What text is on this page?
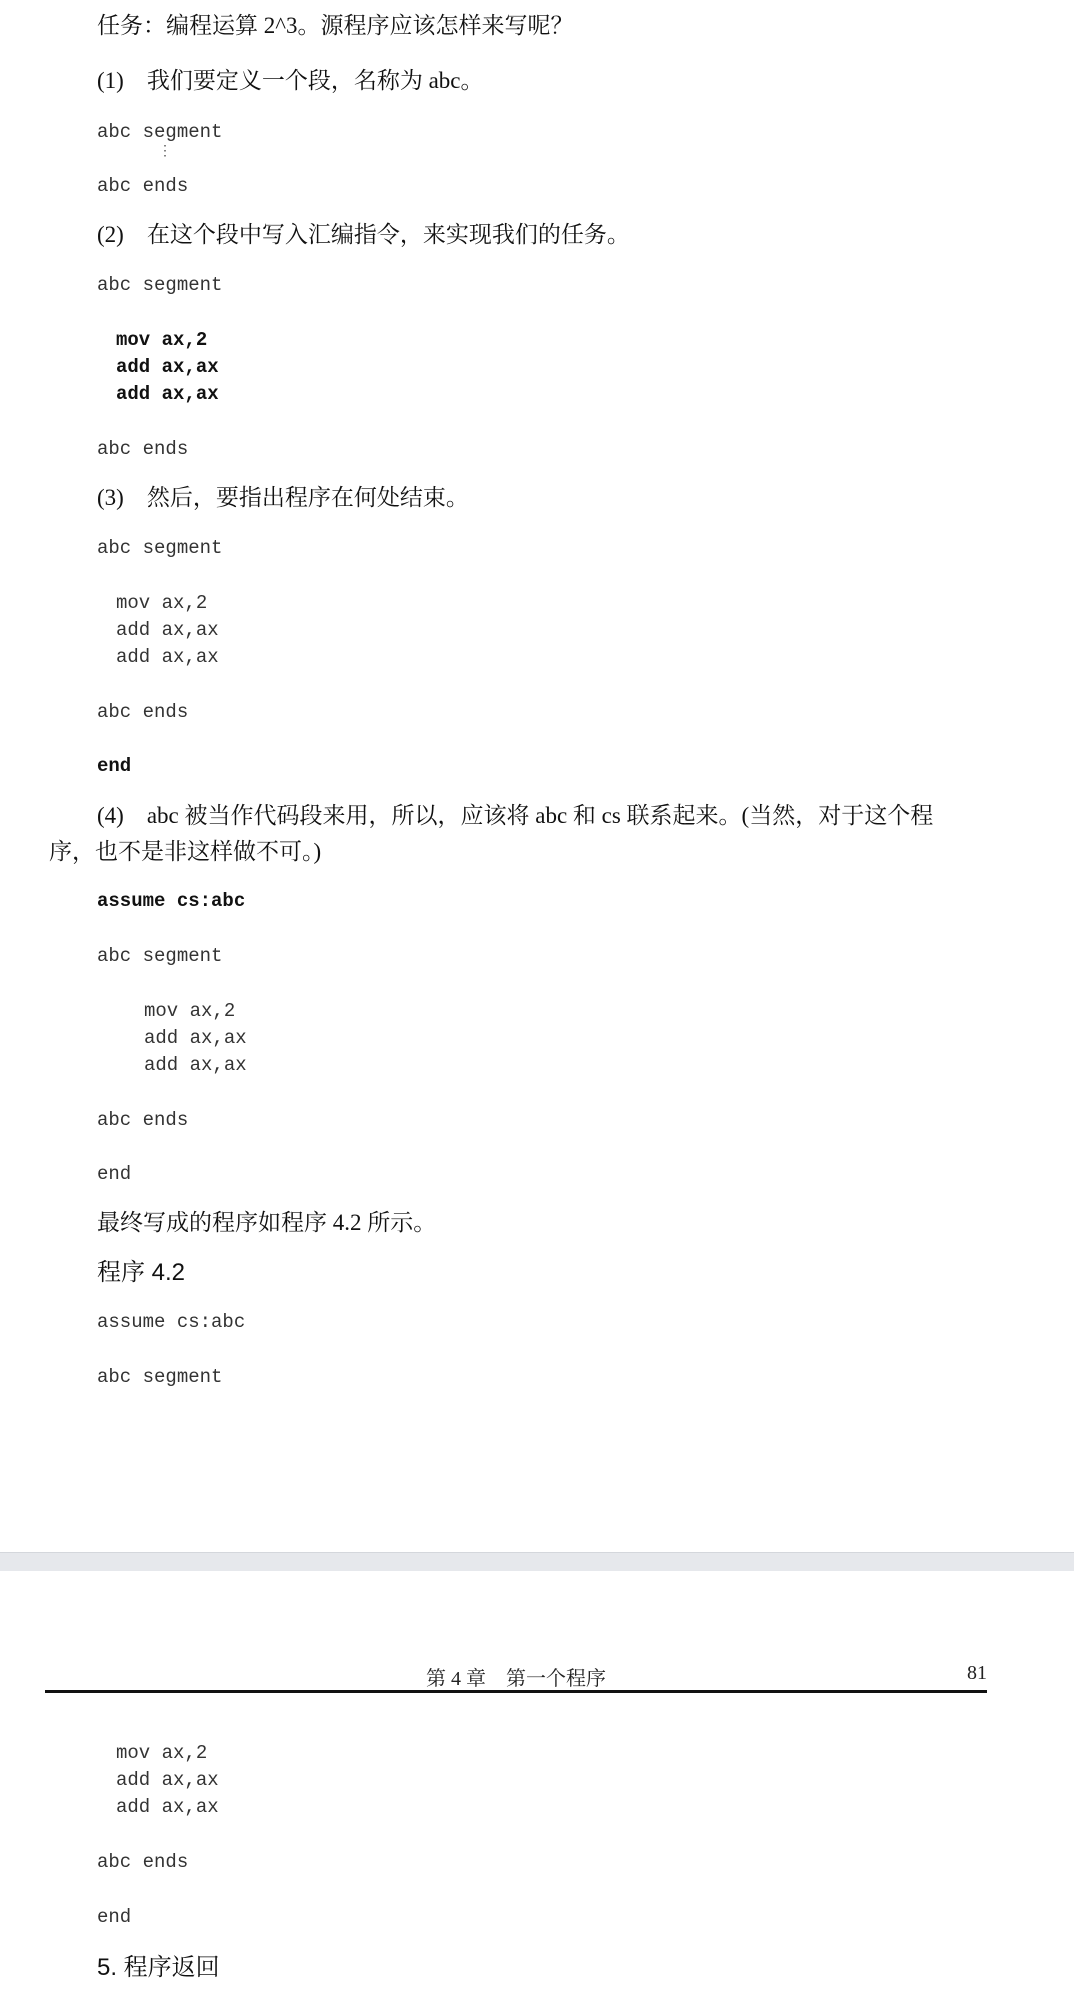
任务：编程运算 2^3。源程序应该怎样来写呢？
(1)　我们要定义一个段，名称为 abc。
abc segment
⋮
abc ends
(2)　在这个段中写入汇编指令，来实现我们的任务。
abc segment
mov ax,2
add ax,ax
add ax,ax
abc ends
(3)　然后，要指出程序在何处结束。
abc segment
mov ax,2
add ax,ax
add ax,ax
abc ends
end
(4)　abc 被当作代码段来用，所以，应该将 abc 和 cs 联系起来。(当然，对于这个程
序，也不是非这样做不可。)
assume cs:abc
abc segment
mov ax,2
add ax,ax
add ax,ax
abc ends
end
最终写成的程序如程序 4.2 所示。
程序 4.2
assume cs:abc
abc segment
第 4 章　第一个程序	81
mov ax,2
add ax,ax
add ax,ax
abc ends
end
5. 程序返回
